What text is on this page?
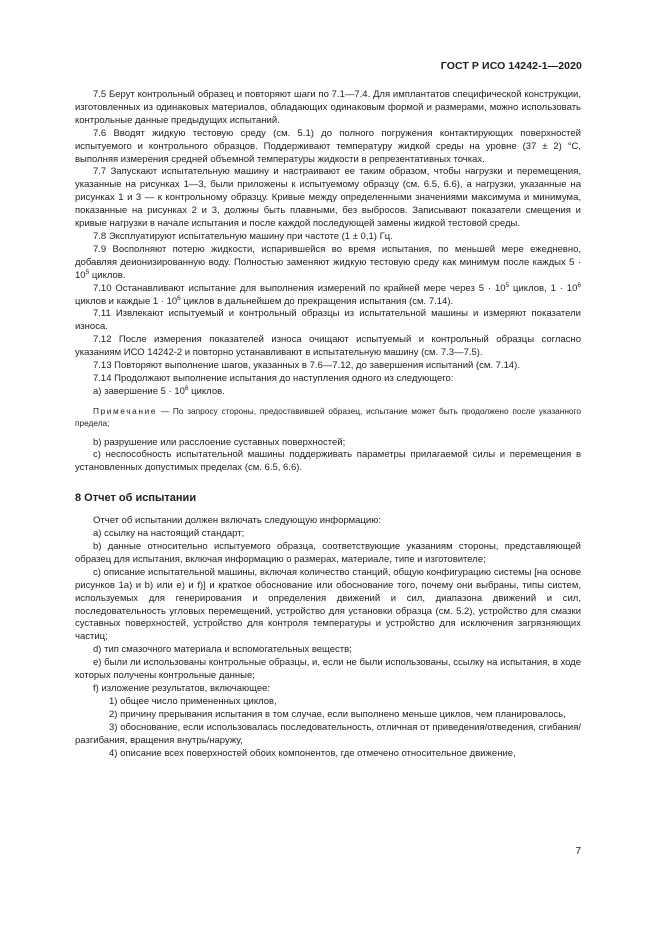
ГОСТ Р ИСО 14242-1—2020

7.5 Берут контрольный образец и повторяют шаги по 7.1—7.4. Для имплантатов специфической конструкции, изготовленных из одинаковых материалов, обладающих одинаковым формой и размерами, можно использовать контрольные данные предыдущих испытаний.

7.6 Вводят жидкую тестовую среду (см. 5.1) до полного погружения контактирующих поверхностей испытуемого и контрольного образцов. Поддерживают температуру жидкой среды на уровне (37 ± 2) °С, выполняя измерения средней объемной температуры жидкости в репрезентативных точках.

7.7 Запускают испытательную машину и настраивают ее таким образом, чтобы нагрузки и перемещения, указанные на рисунках 1—3, были приложены к испытуемому образцу (см. 6.5, 6.6), а нагрузки, указанные на рисунках 1 и 3 — к контрольному образцу. Кривые между определенными значениями максимума и минимума, показанные на рисунках 2 и 3, должны быть плавными, без выбросов. Записывают показатели смещения и кривые нагрузки в начале испытания и после каждой последующей замены жидкой тестовой среды.

7.8 Эксплуатируют испытательную машину при частоте (1 ± 0,1) Гц.

7.9 Восполняют потерю жидкости, испарившейся во время испытания, по меньшей мере ежедневно, добавляя деионизированную воду. Полностью заменяют жидкую тестовую среду как минимум после каждых $5 \cdot 10^5$ циклов.

7.10 Останавливают испытание для выполнения измерений по крайней мере через $5 \cdot 10^5$ циклов, $1 \cdot 10^6$ циклов и каждые $1 \cdot 10^6$ циклов в дальнейшем до прекращения испытания (см. 7.14).

7.11 Извлекают испытуемый и контрольный образцы из испытательной машины и измеряют показатели износа.

7.12 После измерения показателей износа очищают испытуемый и контрольный образцы согласно указаниям ИСО 14242-2 и повторно устанавливают в испытательную машину (см. 7.3—7.5).

7.13 Повторяют выполнение шагов, указанных в 7.6—7.12, до завершения испытаний (см. 7.14).

7.14 Продолжают выполнение испытания до наступления одного из следующего:

а) завершение $5 \cdot 10^6$ циклов.

Примечание — По запросу стороны, предоставившей образец, испытание может быть продолжено после указанного предела;

b) разрушение или расслоение суставных поверхностей;

c) неспособность испытательной машины поддерживать параметры прилагаемой силы и перемещения в установленных допустимых пределах (см. 6.5, 6.6).

8 Отчет об испытании

Отчет об испытании должен включать следующую информацию:

а) ссылку на настоящий стандарт;

b) данные относительно испытуемого образца, соответствующие указаниям стороны, представляющей образец для испытания, включая информацию о размерах, материале, типе и изготовителе;

c) описание испытательной машины, включая количество станций, общую конфигурацию системы [на основе рисунков 1а) и b) или е) и f)] и краткое обоснование или обоснование того, почему они выбраны, типы систем, используемых для генерирования и определения движений и сил, диапазона движений и сил, последовательность угловых перемещений, устройство для установки образца (см. 5.2), устройство для смазки суставных поверхностей, устройство для контроля температуры и устройство для исключения загрязняющих частиц;

d) тип смазочного материала и вспомогательных веществ;

e) были ли использованы контрольные образцы, и, если не были использованы, ссылку на испытания, в ходе которых получены контрольные данные;

f) изложение результатов, включающее:

1) общее число примененных циклов,

2) причину прерывания испытания в том случае, если выполнено меньше циклов, чем планировалось,

3) обоснование, если использовалась последовательность, отличная от приведения/отведения, сгибания/разгибания, вращения внутрь/наружу,

4) описание всех поверхностей обоих компонентов, где отмечено относительное движение,

7
